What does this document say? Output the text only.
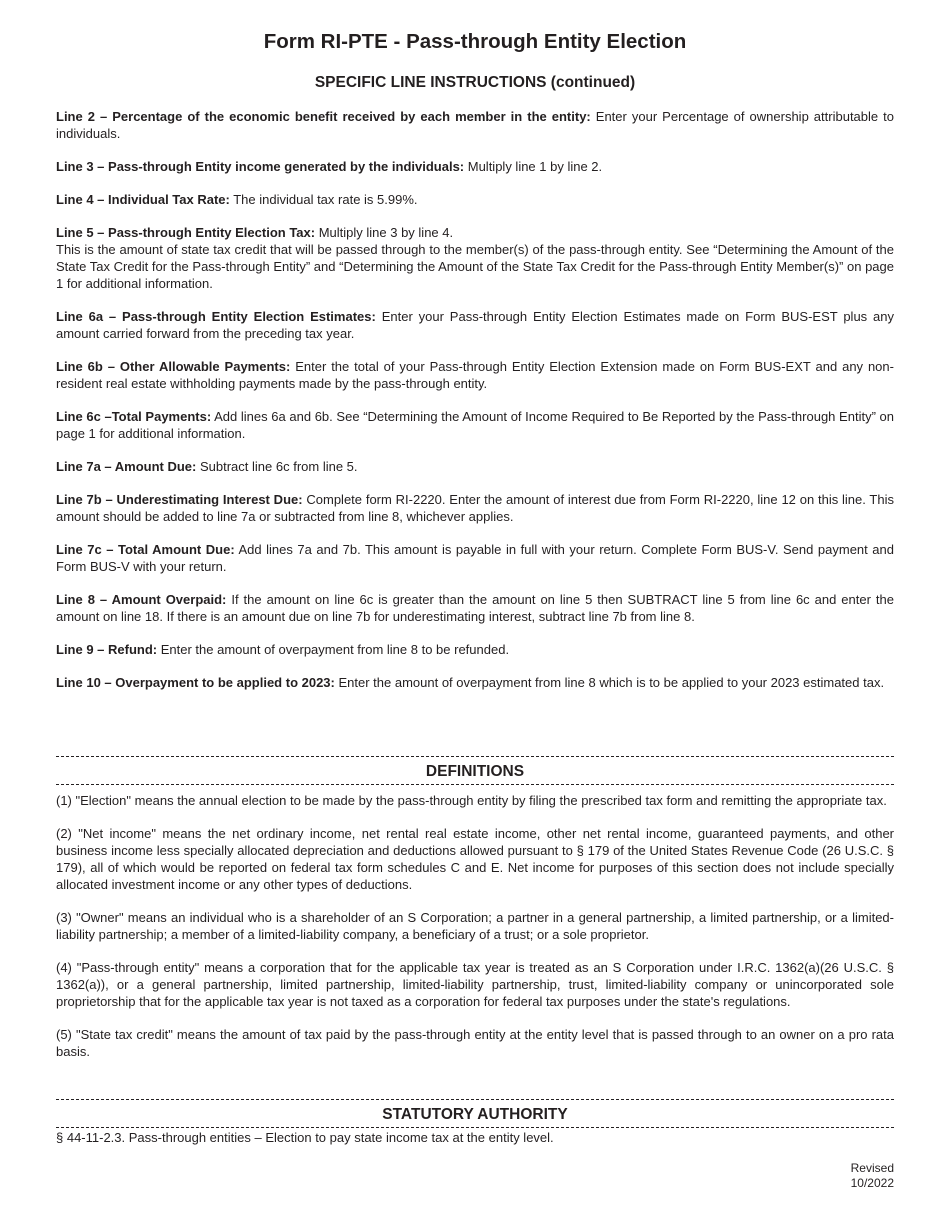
Form RI-PTE - Pass-through Entity Election
SPECIFIC LINE INSTRUCTIONS (continued)

Line 2 – Percentage of the economic benefit received by each member in the entity: Enter your Percentage of ownership attributable to individuals.

Line 3 – Pass-through Entity income generated by the individuals: Multiply line 1 by line 2.

Line 4 – Individual Tax Rate: The individual tax rate is 5.99%.

Line 5 – Pass-through Entity Election Tax: Multiply line 3 by line 4.
This is the amount of state tax credit that will be passed through to the member(s) of the pass-through entity. See “Determining the Amount of the State Tax Credit for the Pass-through Entity” and “Determining the Amount of the State Tax Credit for the Pass-through Entity Member(s)” on page 1 for additional information.

Line 6a – Pass-through Entity Election Estimates: Enter your Pass-through Entity Election Estimates made on Form BUS-EST plus any amount carried forward from the preceding tax year.

Line 6b – Other Allowable Payments: Enter the total of your Pass-through Entity Election Extension made on Form BUS-EXT and any non-resident real estate withholding payments made by the pass-through entity.

Line 6c –Total Payments: Add lines 6a and 6b. See “Determining the Amount of Income Required to Be Reported by the Pass-through Entity” on page 1 for additional information.

Line 7a – Amount Due: Subtract line 6c from line 5.

Line 7b – Underestimating Interest Due: Complete form RI-2220. Enter the amount of interest due from Form RI-2220, line 12 on this line. This amount should be added to line 7a or subtracted from line 8, whichever applies.

Line 7c – Total Amount Due: Add lines 7a and 7b. This amount is payable in full with your return. Complete Form BUS-V. Send payment and Form BUS-V with your return.

Line 8 – Amount Overpaid: If the amount on line 6c is greater than the amount on line 5 then SUBTRACT line 5 from line 6c and enter the amount on line 18. If there is an amount due on line 7b for underestimating interest, subtract line 7b from line 8.

Line 9 – Refund: Enter the amount of overpayment from line 8 to be refunded.

Line 10 – Overpayment to be applied to 2023: Enter the amount of overpayment from line 8 which is to be applied to your 2023 estimated tax.

DEFINITIONS

(1) "Election" means the annual election to be made by the pass-through entity by filing the prescribed tax form and remitting the appropriate tax.

(2) "Net income" means the net ordinary income, net rental real estate income, other net rental income, guaranteed payments, and other business income less specially allocated depreciation and deductions allowed pursuant to § 179 of the United States Revenue Code (26 U.S.C. § 179), all of which would be reported on federal tax form schedules C and E. Net income for purposes of this section does not include specially allocated investment income or any other types of deductions.

(3) "Owner" means an individual who is a shareholder of an S Corporation; a partner in a general partnership, a limited partnership, or a limited-liability partnership; a member of a limited-liability company, a beneficiary of a trust; or a sole proprietor.

(4) "Pass-through entity" means a corporation that for the applicable tax year is treated as an S Corporation under I.R.C. 1362(a)(26 U.S.C. § 1362(a)), or a general partnership, limited partnership, limited-liability partnership, trust, limited-liability company or unincorporated sole proprietorship that for the applicable tax year is not taxed as a corporation for federal tax purposes under the state's regulations.

(5) "State tax credit" means the amount of tax paid by the pass-through entity at the entity level that is passed through to an owner on a pro rata basis.

STATUTORY AUTHORITY
§ 44-11-2.3. Pass-through entities – Election to pay state income tax at the entity level.
Revised
10/2022
